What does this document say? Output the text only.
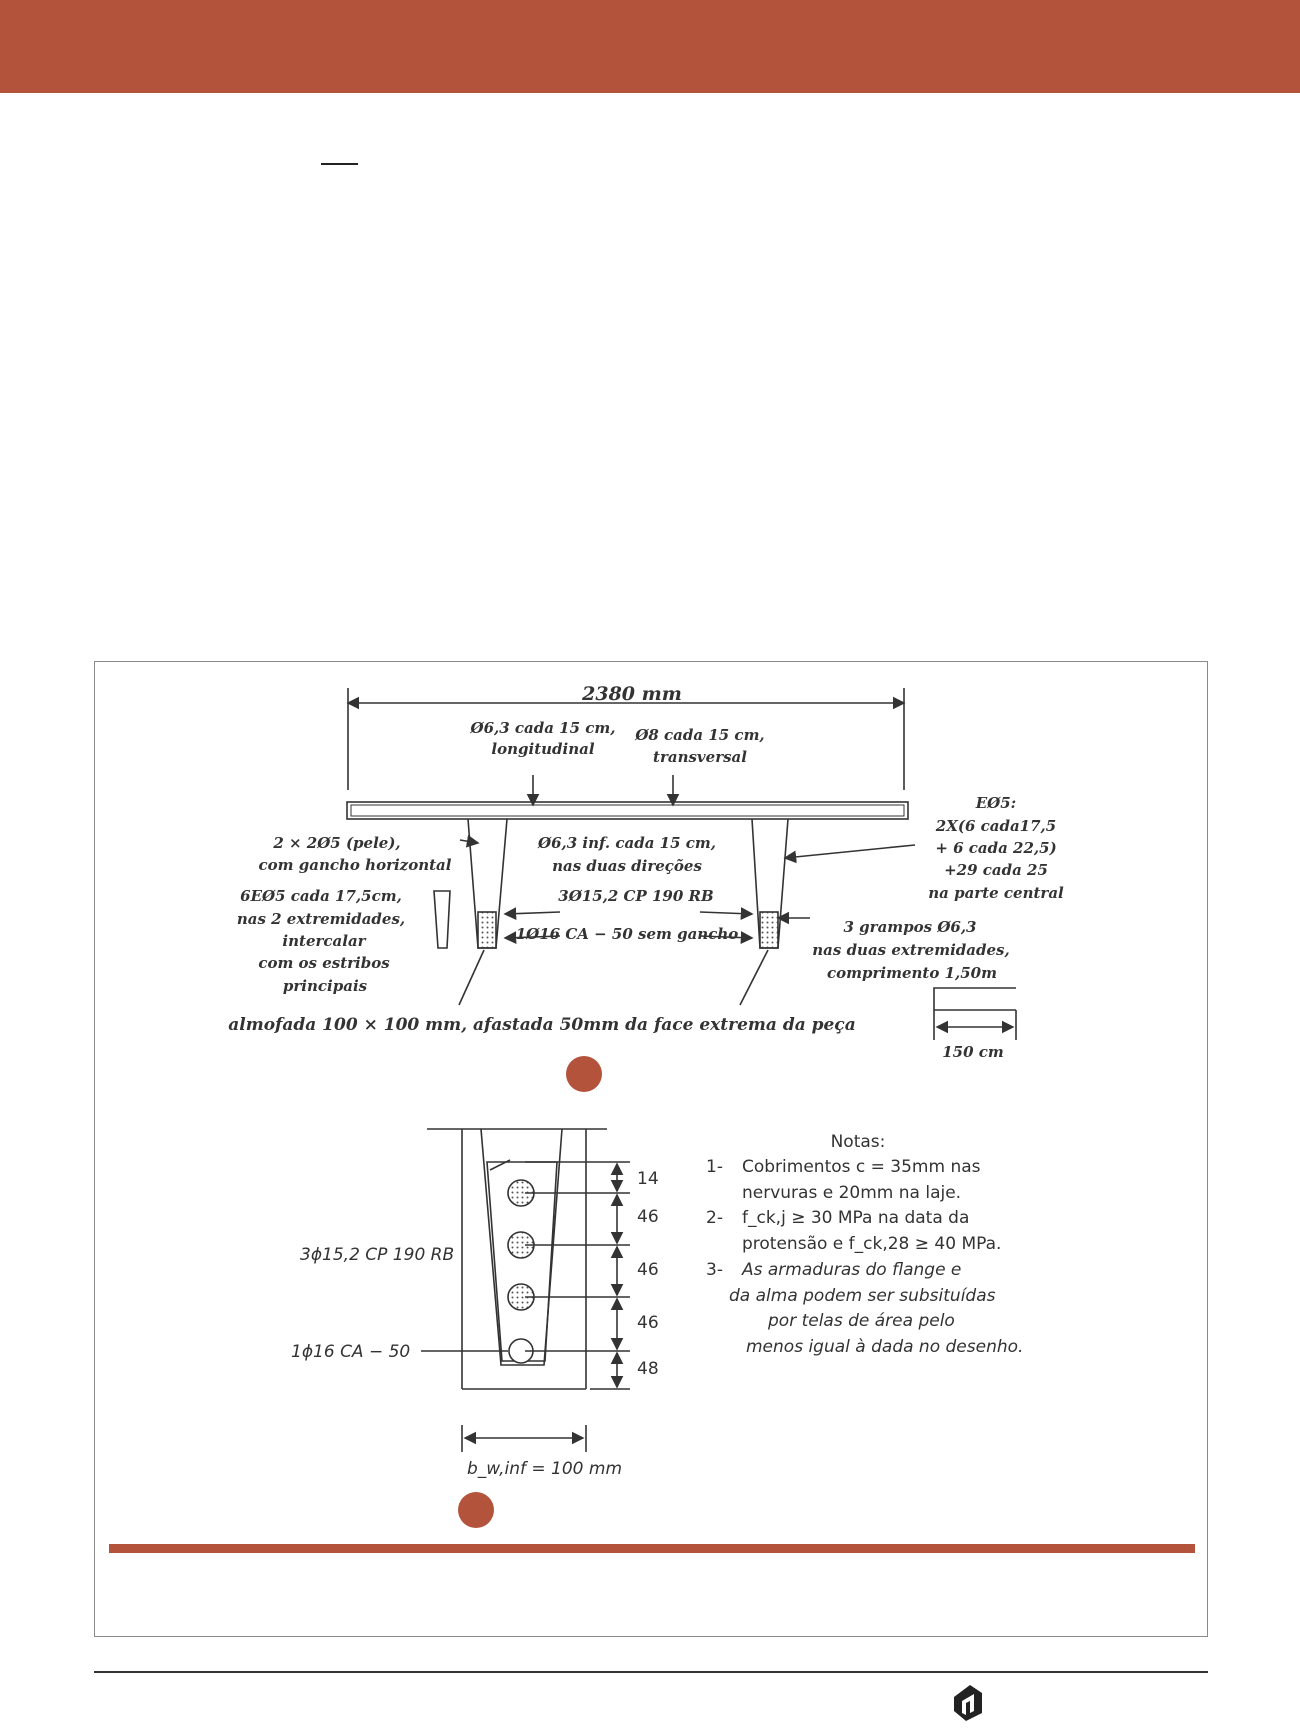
2380 mm
Ø6,3 cada 15 cm,
longitudinal
Ø8 cada 15 cm,
transversal
EØ5:
2X(6 cada17,5
+ 6 cada 22,5)
+29 cada 25
na parte central
2 × 2Ø5 (pele),
com gancho horizontal
Ø6,3 inf. cada 15 cm,
nas duas direções
6EØ5 cada 17,5cm,
nas 2 extremidades,
intercalar
com os estribos
principais
3Ø15,2 CP 190 RB
1Ø16 CA − 50 sem gancho	3 grampos Ø6,3
nas duas extremidades,
comprimento 1,50m
almofada 100 × 100 mm, afastada 50mm da face extrema da peça
150 cm
3ϕ15,2 CP 190 RB
1ϕ16 CA − 50
14
46
46
46
48
b_w,inf = 100 mm
Notas:
1- Cobrimentos c = 35mm nas
nervuras e 20mm na laje.
2- f_ck,j ≥ 30 MPa na data da
protensão e f_ck,28 ≥ 40 MPa.
3- As armaduras do flange e
da alma podem ser subsituídas
por telas de área pelo
menos igual à dada no desenho.
